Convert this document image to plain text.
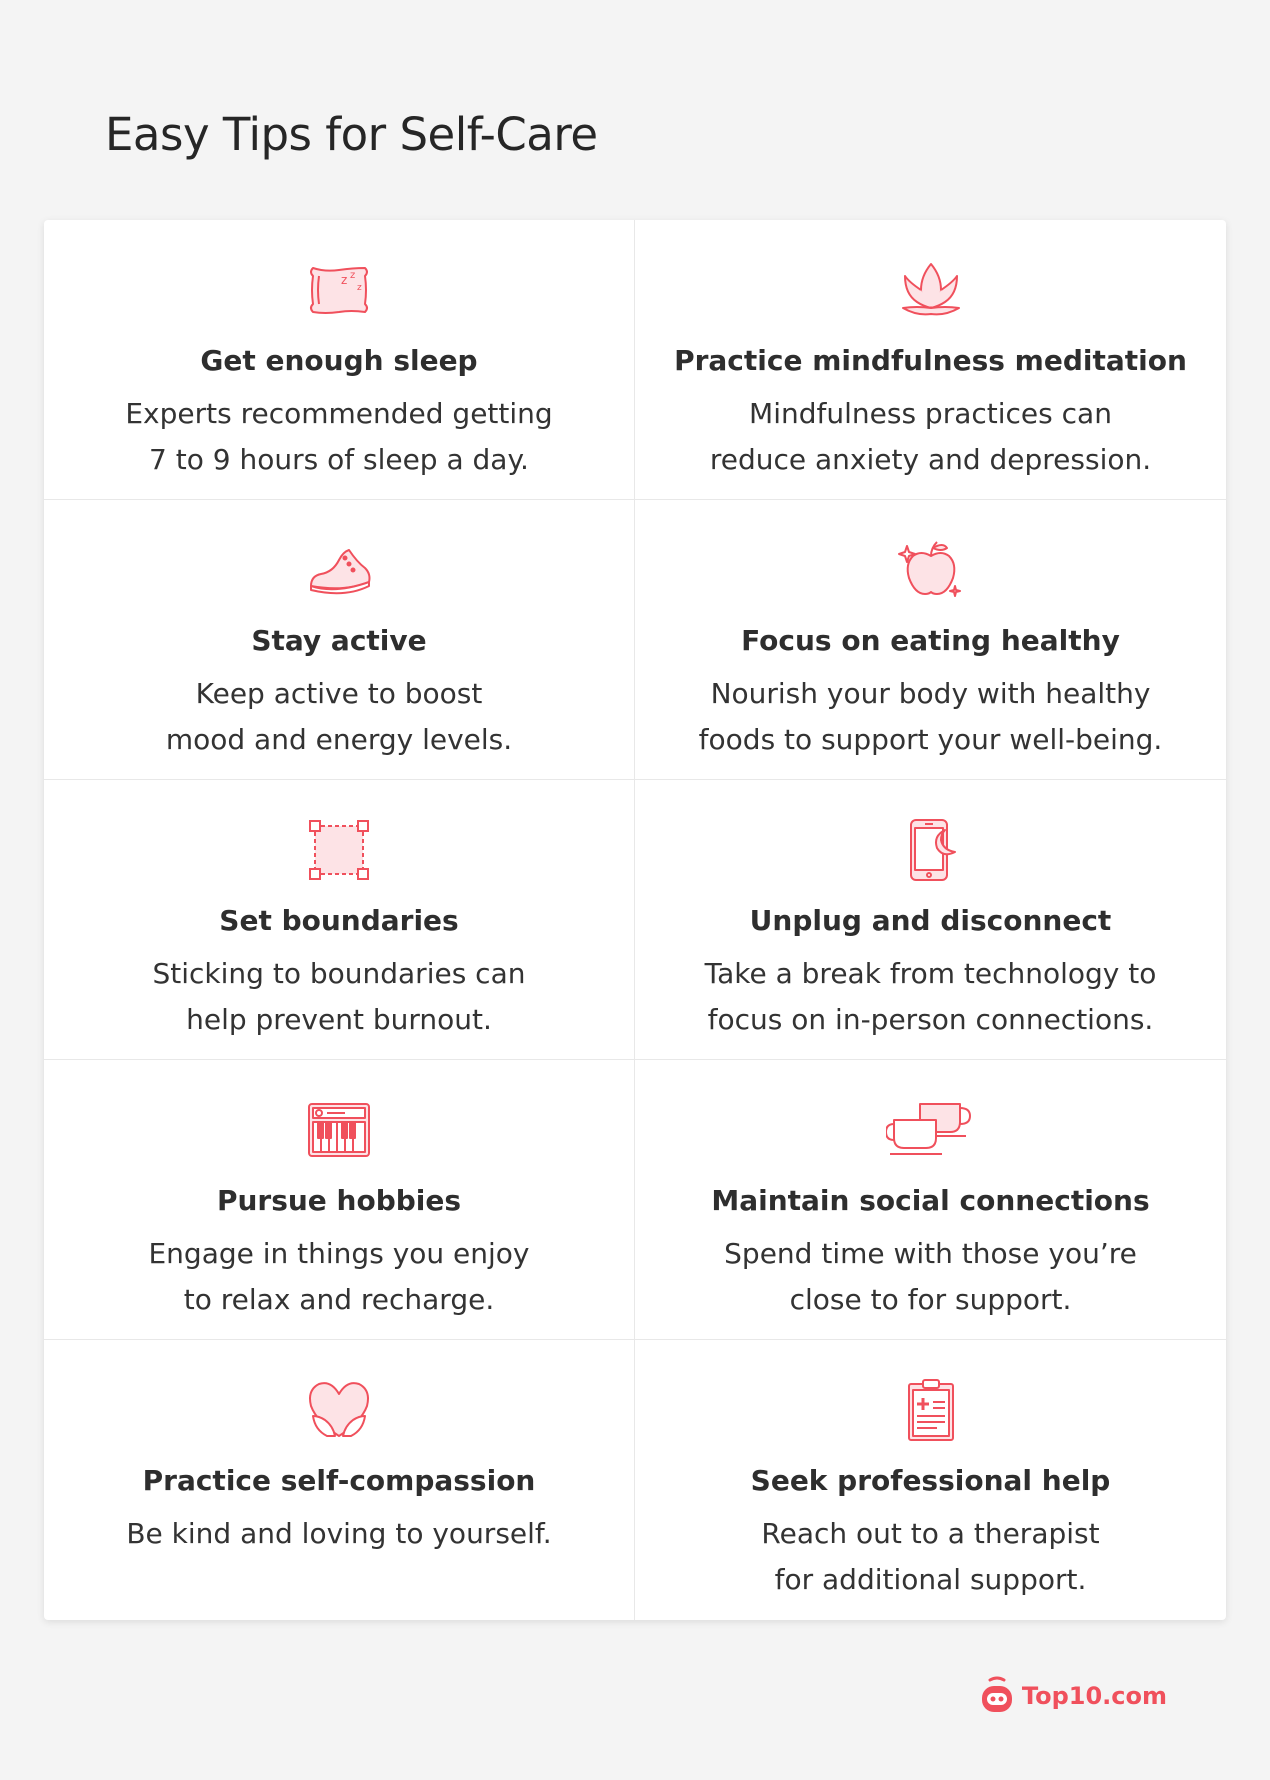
Easy Tips for Self-Care
z z
z
Get enough sleep

Experts recommended getting
7 to 9 hours of sleep a day.

Practice mindfulness meditation

Mindfulness practices can
reduce anxiety and depression.

Stay active

Keep active to boost
mood and energy levels.

Focus on eating healthy

Nourish your body with healthy
foods to support your well-being.

Set boundaries

Sticking to boundaries can
help prevent burnout.

Unplug and disconnect

Take a break from technology to
focus on in-person connections.

Pursue hobbies

Engage in things you enjoy
to relax and recharge.

Maintain social connections

Spend time with those you’re
close to for support.

Practice self-compassion

Be kind and loving to yourself.

Seek professional help

Reach out to a therapist
for additional support.

Top10.com
